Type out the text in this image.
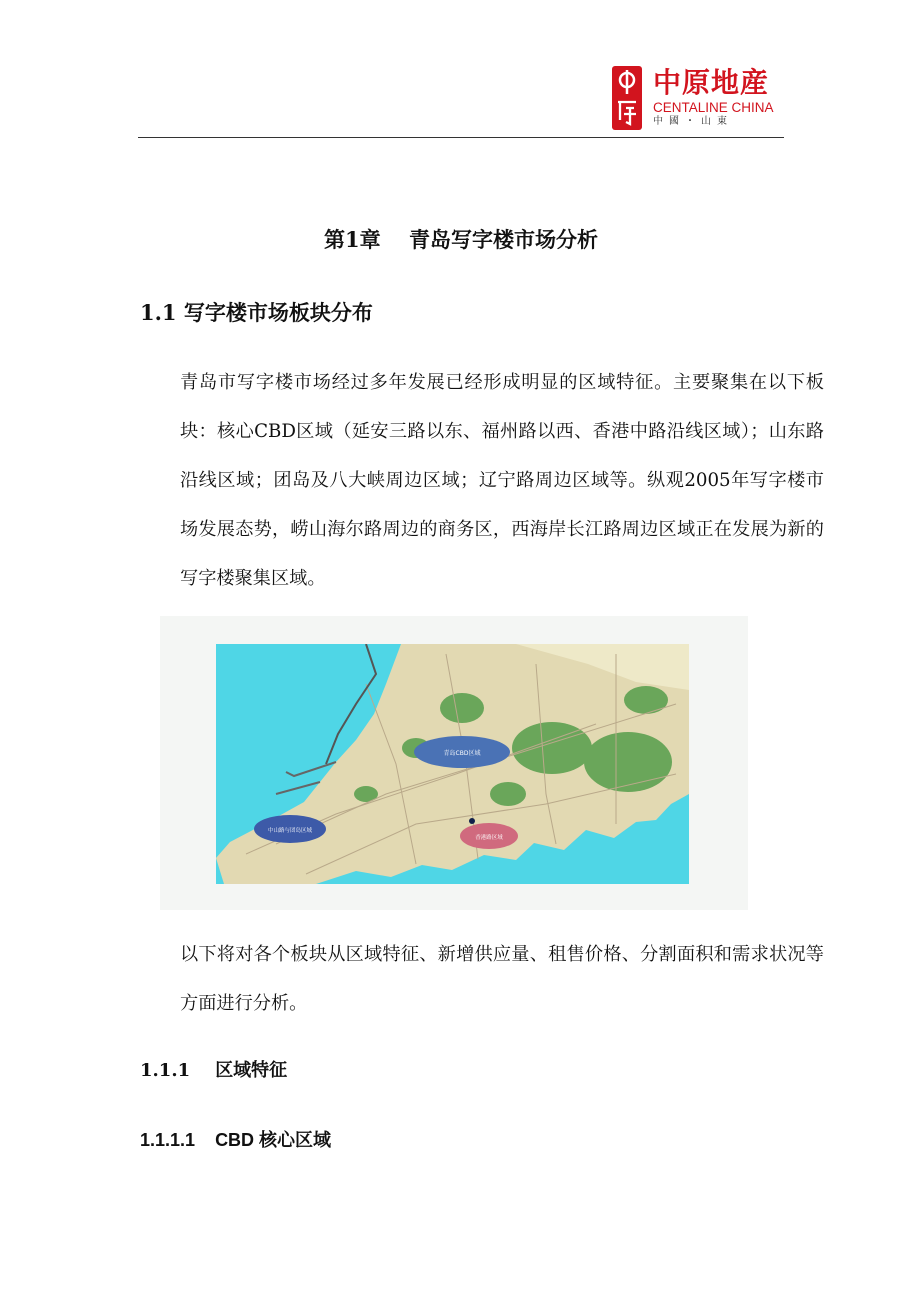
中原地産
CENTALINE CHINA
中國・山東
第1章　 青岛写字楼市场分析
1.1 写字楼市场板块分布
青岛市写字楼市场经过多年发展已经形成明显的区域特征。主要聚集在以下板块：核心CBD区域（延安三路以东、福州路以西、香港中路沿线区域）；山东路沿线区域；团岛及八大峡周边区域；辽宁路周边区域等。纵观2005年写字楼市场发展态势，崂山海尔路周边的商务区，西海岸长江路周边区域正在发展为新的写字楼聚集区域。
青岛CBD区域
中山路与团岛区域
香港路区域
以下将对各个板块从区域特征、新增供应量、租售价格、分割面积和需求状况等方面进行分析。
1.1.1 区域特征
1.1.1.1 CBD 核心区域
